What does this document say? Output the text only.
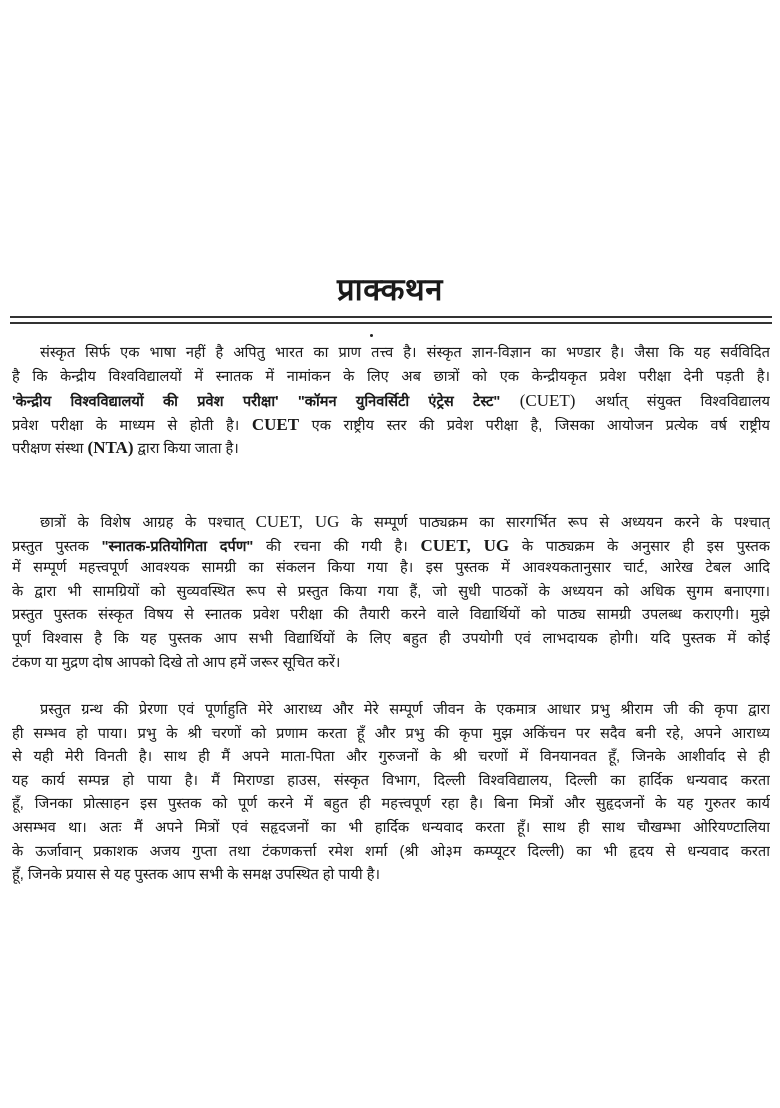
प्राक्कथन
संस्कृत सिर्फ एक भाषा नहीं है अपितु भारत का प्राण तत्त्व है। संस्कृत ज्ञान-विज्ञान का भण्डार है। जैसा कि यह सर्वविदित
है कि केन्द्रीय विश्वविद्यालयों में स्नातक में नामांकन के लिए अब छात्रों को एक केन्द्रीयकृत प्रवेश परीक्षा देनी पड़ती है।
'केन्द्रीय विश्वविद्यालयों की प्रवेश परीक्षा' "कॉमन युनिवर्सिटी एंट्रेस टेस्ट" (CUET) अर्थात् संयुक्त विश्वविद्यालय
प्रवेश परीक्षा के माध्यम से होती है। CUET एक राष्ट्रीय स्तर की प्रवेश परीक्षा है, जिसका आयोजन प्रत्येक वर्ष राष्ट्रीय
परीक्षण संस्था (NTA) द्वारा किया जाता है।
छात्रों के विशेष आग्रह के पश्चात् CUET, UG के सम्पूर्ण पाठ्यक्रम का सारगर्भित रूप से अध्ययन करने के पश्चात्
प्रस्तुत पुस्तक "स्नातक-प्रतियोगिता दर्पण" की रचना की गयी है। CUET, UG के पाठ्यक्रम के अनुसार ही इस पुस्तक
में सम्पूर्ण महत्त्वपूर्ण आवश्यक सामग्री का संकलन किया गया है। इस पुस्तक में आवश्यकतानुसार चार्ट, आरेख टेबल आदि
के द्वारा भी सामग्रियों को सुव्यवस्थित रूप से प्रस्तुत किया गया हैं, जो सुधी पाठकों के अध्ययन को अधिक सुगम बनाएगा।
प्रस्तुत पुस्तक संस्कृत विषय से स्नातक प्रवेश परीक्षा की तैयारी करने वाले विद्यार्थियों को पाठ्य सामग्री उपलब्ध कराएगी। मुझे
पूर्ण विश्वास है कि यह पुस्तक आप सभी विद्यार्थियों के लिए बहुत ही उपयोगी एवं लाभदायक होगी। यदि पुस्तक में कोई
टंकण या मुद्रण दोष आपको दिखे तो आप हमें जरूर सूचित करें।
प्रस्तुत ग्रन्थ की प्रेरणा एवं पूर्णाहुति मेरे आराध्य और मेरे सम्पूर्ण जीवन के एकमात्र आधार प्रभु श्रीराम जी की कृपा द्वारा
ही सम्भव हो पाया। प्रभु के श्री चरणों को प्रणाम करता हूँ और प्रभु की कृपा मुझ अकिंचन पर सदैव बनी रहे, अपने आराध्य
से यही मेरी विनती है। साथ ही मैं अपने माता-पिता और गुरुजनों के श्री चरणों में विनयानवत हूँ, जिनके आशीर्वाद से ही
यह कार्य सम्पन्न हो पाया है। मैं मिराण्डा हाउस, संस्कृत विभाग, दिल्ली विश्वविद्यालय, दिल्ली का हार्दिक धन्यवाद करता
हूँ, जिनका प्रोत्साहन इस पुस्तक को पूर्ण करने में बहुत ही महत्त्वपूर्ण रहा है। बिना मित्रों और सुहृदजनों के यह गुरुतर कार्य
असम्भव था। अतः मैं अपने मित्रों एवं सहृदजनों का भी हार्दिक धन्यवाद करता हूँ। साथ ही साथ चौखम्भा ओरियण्टालिया
के ऊर्जावान् प्रकाशक अजय गुप्ता तथा टंकणकर्त्ता रमेश शर्मा (श्री ओ३म कम्प्यूटर दिल्ली) का भी हृदय से धन्यवाद करता
हूँ, जिनके प्रयास से यह पुस्तक आप सभी के समक्ष उपस्थित हो पायी है।
